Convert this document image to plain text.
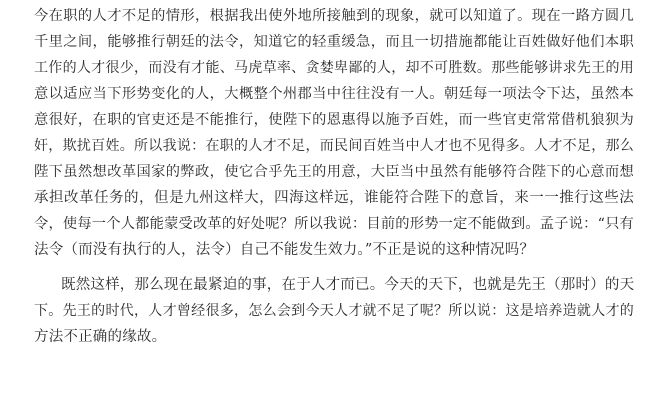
今在职的人才不足的情形，根据我出使外地所接触到的现象，就可以知道了。现在一路方圆几
千里之间，能够推行朝廷的法令，知道它的轻重缓急，而且一切措施都能让百姓做好他们本职
工作的人才很少，而没有才能、马虎草率、贪婪卑鄙的人，却不可胜数。那些能够讲求先王的用
意以适应当下形势变化的人，大概整个州郡当中往往没有一人。朝廷每一项法令下达，虽然本
意很好，在职的官吏还是不能推行，使陛下的恩惠得以施予百姓，而一些官吏常常借机狼狈为
奸，欺扰百姓。所以我说：在职的人才不足，而民间百姓当中人才也不见得多。人才不足，那么
陛下虽然想改革国家的弊政，使它合乎先王的用意，大臣当中虽然有能够符合陛下的心意而想
承担改革任务的，但是九州这样大，四海这样远，谁能符合陛下的意旨，来一一推行这些法
令，使每一个人都能蒙受改革的好处呢？所以我说：目前的形势一定不能做到。孟子说：“只有
法令（而没有执行的人，法令）自己不能发生效力。”不正是说的这种情况吗？
既然这样，那么现在最紧迫的事，在于人才而已。今天的天下，也就是先王（那时）的天
下。先王的时代，人才曾经很多，怎么会到今天人才就不足了呢？所以说：这是培养造就人才的
方法不正确的缘故。
